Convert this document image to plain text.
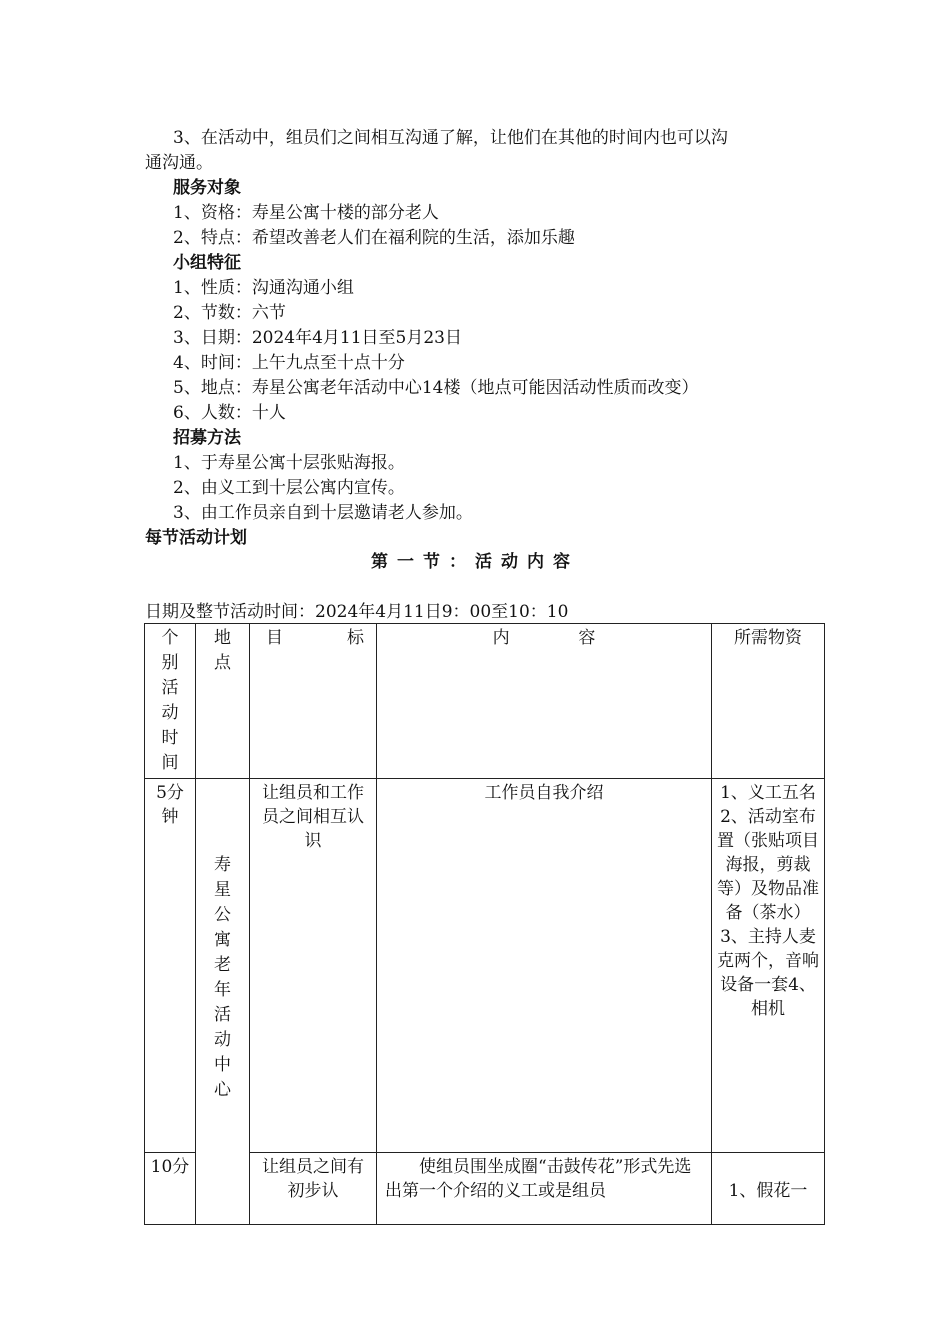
3、在活动中，组员们之间相互沟通了解，让他们在其他的时间内也可以沟
通沟通。
服务对象
1、资格：寿星公寓十楼的部分老人
2、特点：希望改善老人们在福利院的生活，添加乐趣
小组特征
1、性质：沟通沟通小组
2、节数：六节
3、日期：2024年4月11日至5月23日
4、时间：上午九点至十点十分
5、地点：寿星公寓老年活动中心14楼（地点可能因活动性质而改变）
6、人数：十人
招募方法
1、于寿星公寓十层张贴海报。
2、由义工到十层公寓内宣传。
3、由工作员亲自到十层邀请老人参加。
每节活动计划
第一节：活动内容
日期及整节活动时间：2024年4月11日9：00至10：10
个别活动时间	地点	目 标	内 容	所需物资
5分钟	寿星公寓老年活动中心	让组员和工作员之间相互认识	工作员自我介绍	1、义工五名2、活动室布置（张贴项目海报，剪裁等）及物品准备（茶水）3、主持人麦克两个，音响设备一套4、相机
10分		让组员之间有初步认	使组员围坐成圈“击鼓传花”形式先选出第一个介绍的义工或是组员	1、假花一
